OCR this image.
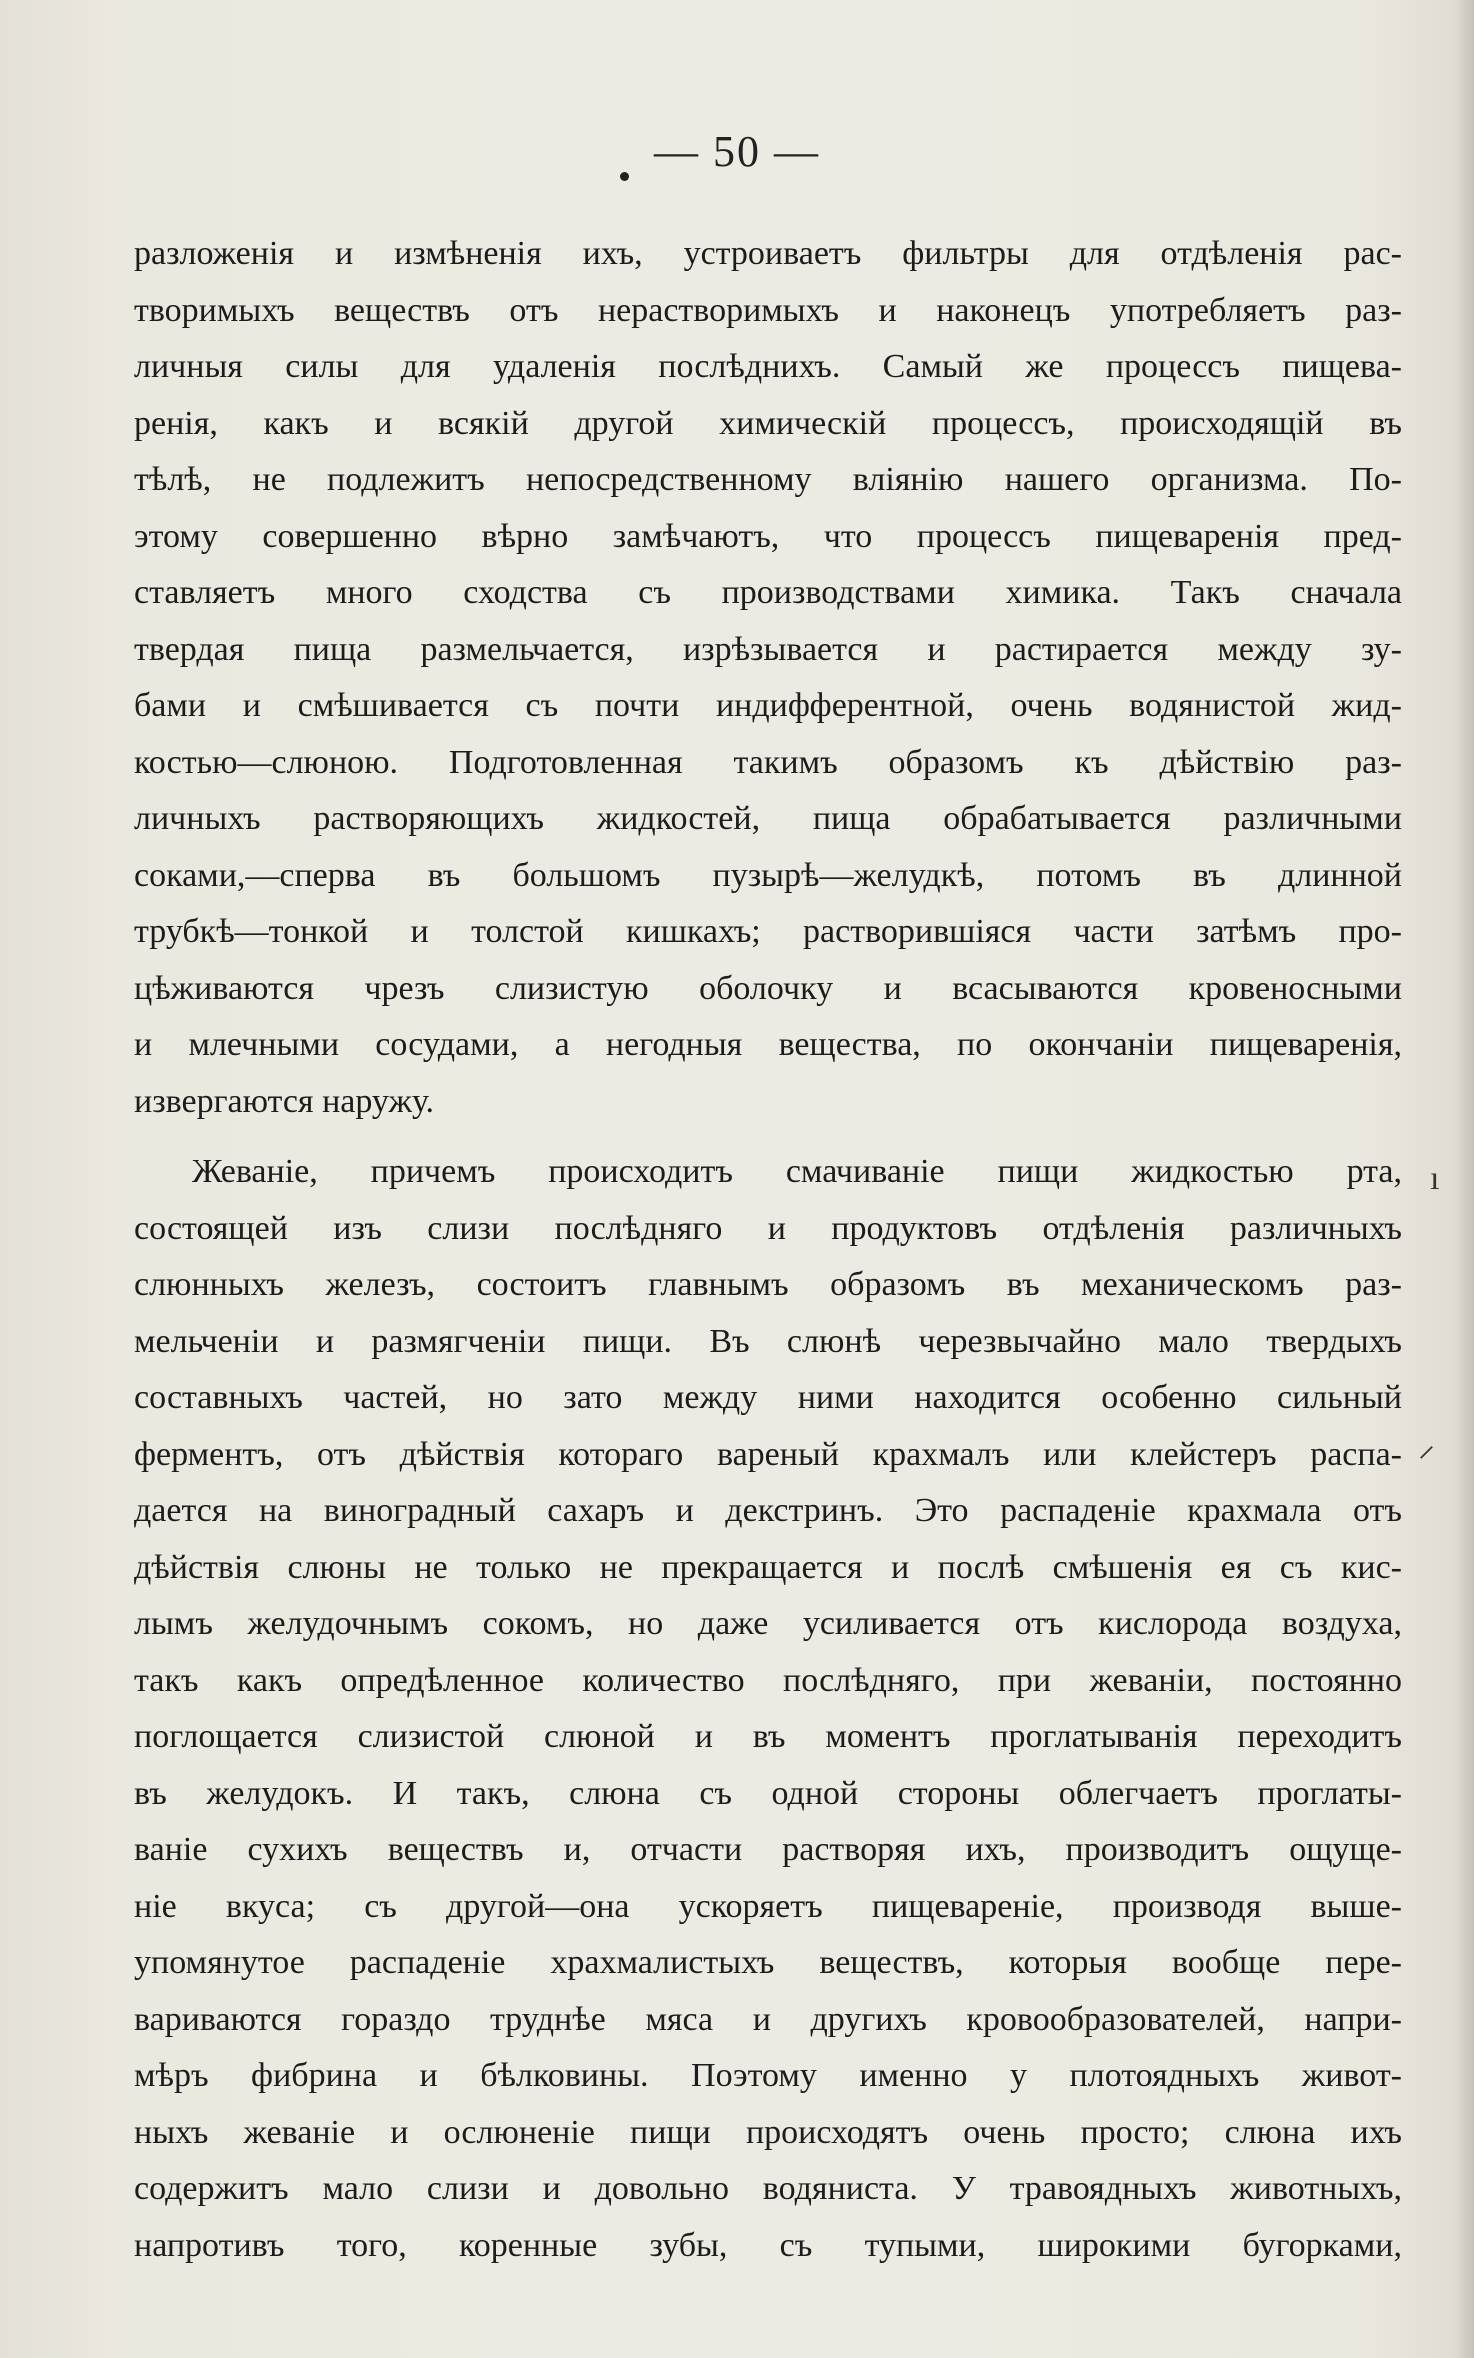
— 50 —
разложенія и измѣненія ихъ, устроиваетъ фильтры для отдѣленія рас-
творимыхъ веществъ отъ нерастворимыхъ и наконецъ употребляетъ раз-
личныя силы для удаленія послѣднихъ. Самый же процессъ пищева-
ренія, какъ и всякій другой химическій процессъ, происходящій въ
тѣлѣ, не подлежитъ непосредственному вліянію нашего организма. По-
этому совершенно вѣрно замѣчаютъ, что процессъ пищеваренія пред-
ставляетъ много сходства съ производствами химика. Такъ сначала
твердая пища размельчается, изрѣзывается и растирается между зу-
бами и смѣшивается съ почти индифферентной, очень водянистой жид-
костью—слюною. Подготовленная такимъ образомъ къ дѣйствію раз-
личныхъ растворяющихъ жидкостей, пища обрабатывается различными
соками,—сперва въ большомъ пузырѣ—желудкѣ, потомъ въ длинной
трубкѣ—тонкой и толстой кишкахъ; растворившіяся части затѣмъ про-
цѣживаются чрезъ слизистую оболочку и всасываются кровеносными
и млечными сосудами, а негодныя вещества, по окончаніи пищеваренія,
извергаются наружу.
Жеваніе, причемъ происходитъ смачиваніе пищи жидкостью рта,
состоящей изъ слизи послѣдняго и продуктовъ отдѣленія различныхъ
слюнныхъ железъ, состоитъ главнымъ образомъ въ механическомъ раз-
мельченіи и размягченіи пищи. Въ слюнѣ черезвычайно мало твердыхъ
составныхъ частей, но зато между ними находится особенно сильный
ферментъ, отъ дѣйствія котораго вареный крахмалъ или клейстеръ распа-
дается на виноградный сахаръ и декстринъ. Это распаденіе крахмала отъ
дѣйствія слюны не только не прекращается и послѣ смѣшенія ея съ кис-
лымъ желудочнымъ сокомъ, но даже усиливается отъ кислорода воздуха,
такъ какъ опредѣленное количество послѣдняго, при жеваніи, постоянно
поглощается слизистой слюной и въ моментъ проглатыванія переходитъ
въ желудокъ. И такъ, слюна съ одной стороны облегчаетъ проглаты-
ваніе сухихъ веществъ и, отчасти растворяя ихъ, производитъ ощуще-
ніе вкуса; съ другой—она ускоряетъ пищевареніе, производя выше-
упомянутое распаденіе храхмалистыхъ веществъ, которыя вообще пере-
вариваются гораздо труднѣе мяса и другихъ кровообразователей, напри-
мѣръ фибрина и бѣлковины. Поэтому именно у плотоядныхъ живот-
ныхъ жеваніе и ослюненіе пищи происходятъ очень просто; слюна ихъ
содержитъ мало слизи и довольно водяниста. У травоядныхъ животныхъ,
напротивъ того, коренные зубы, съ тупыми, широкими бугорками,
ı
⸝
